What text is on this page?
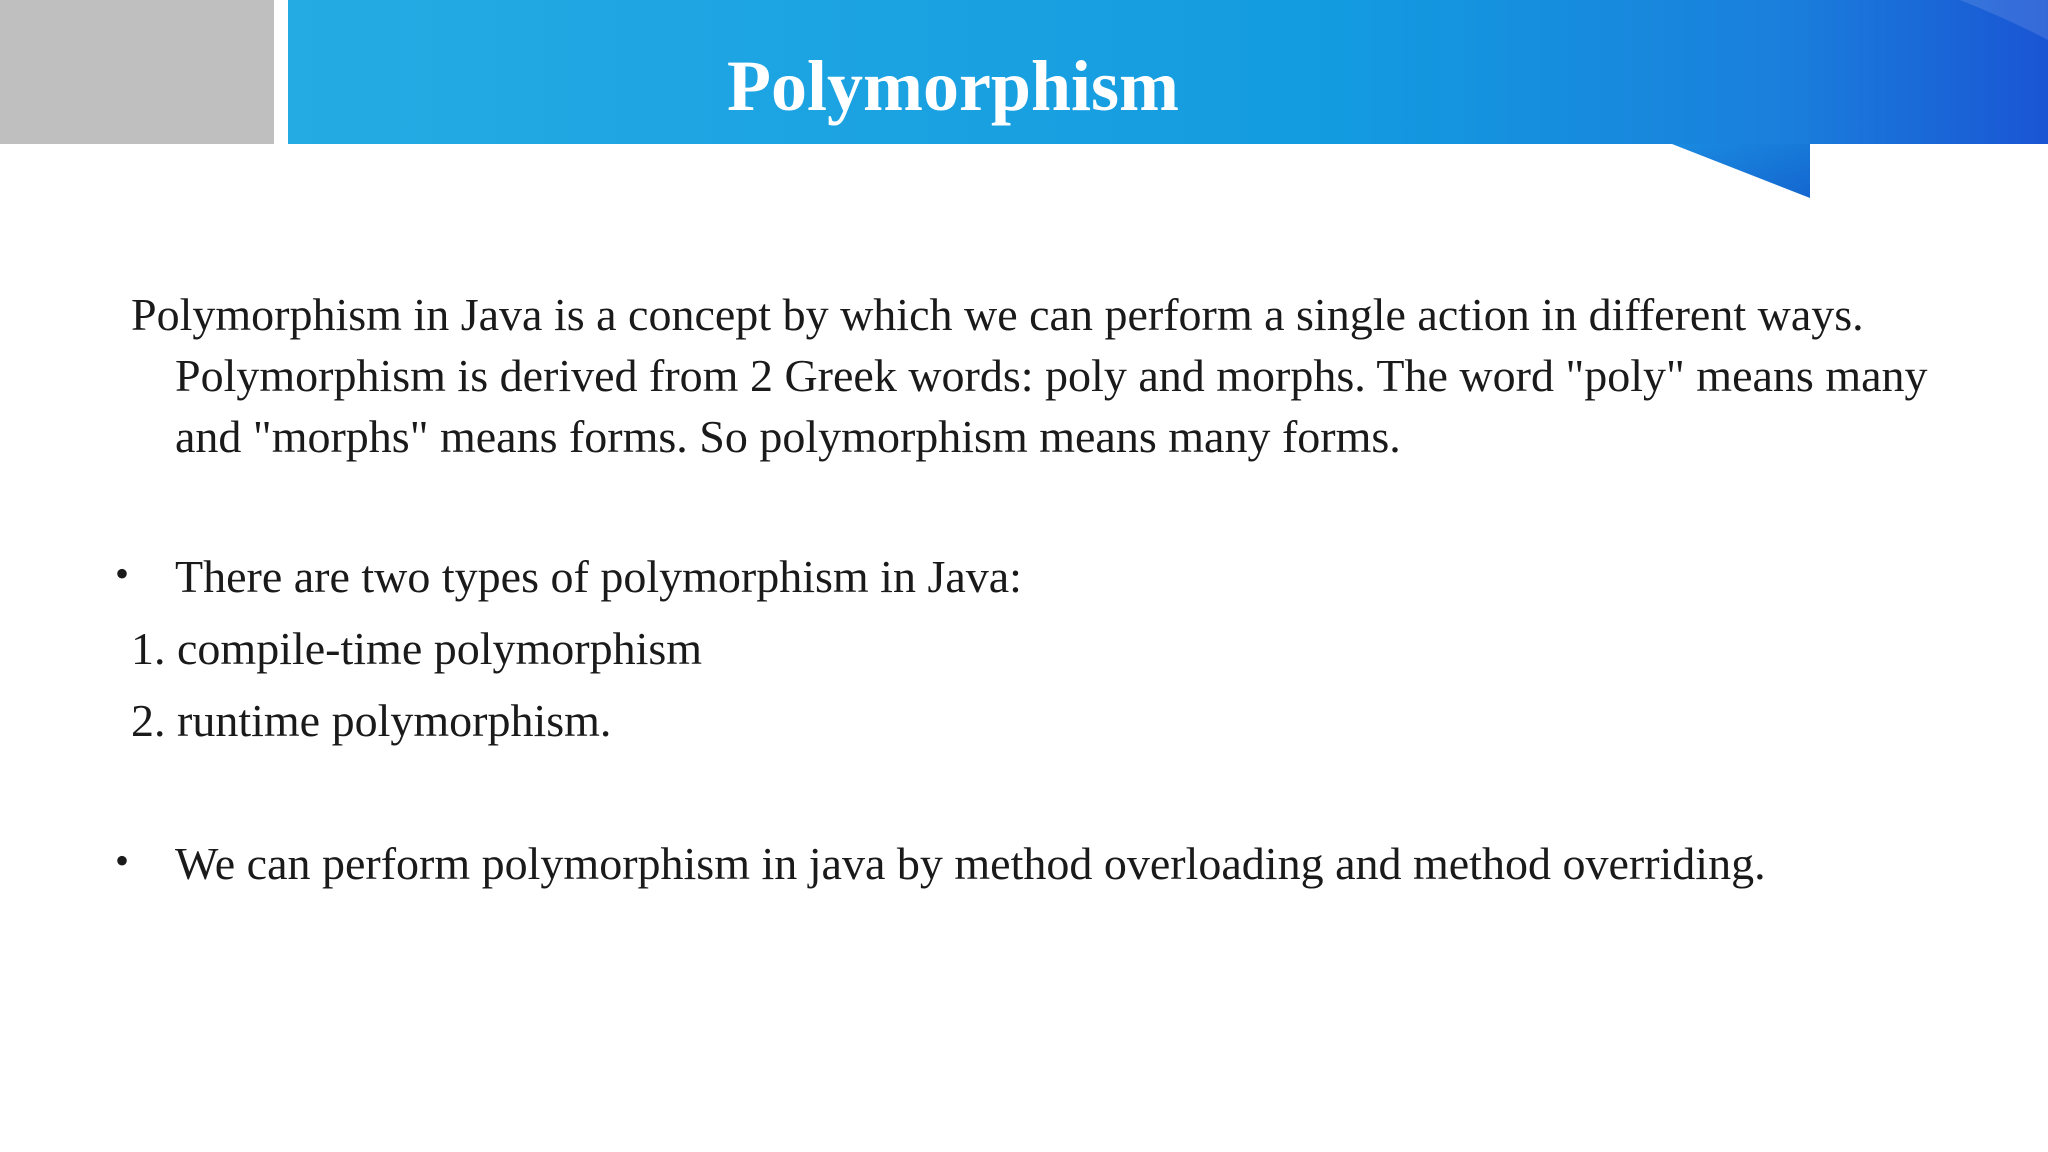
Polymorphism

Polymorphism in Java is a concept by which we can perform a single action in different ways. Polymorphism is derived from 2 Greek words: poly and morphs. The word "poly" means many and "morphs" means forms. So polymorphism means many forms.

• There are two types of polymorphism in Java:

1. compile-time polymorphism

2. runtime polymorphism.

• We can perform polymorphism in java by method overloading and method overriding.
